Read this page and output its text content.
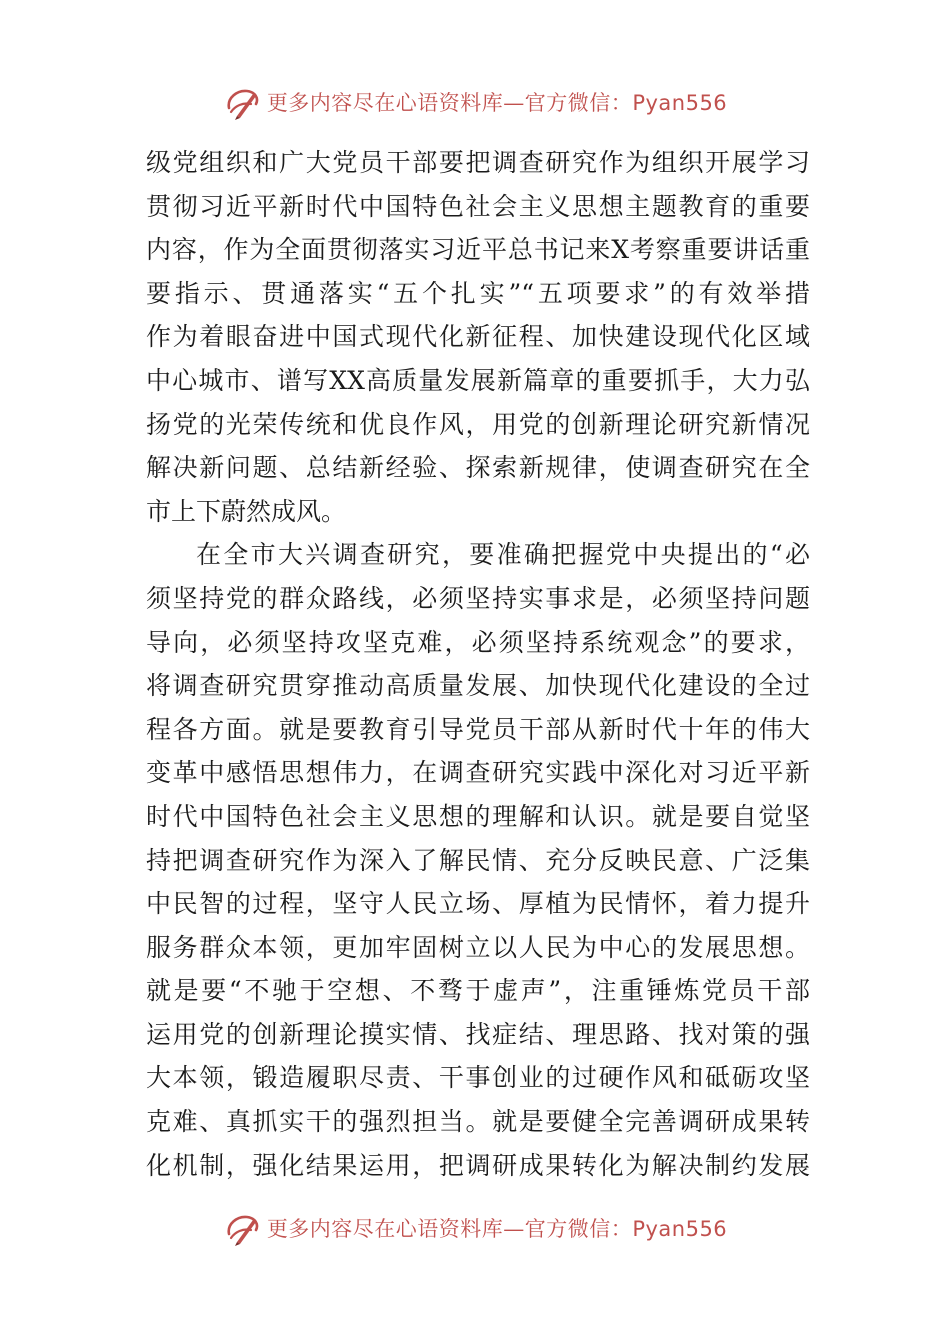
更多内容尽在心语资料库—官方微信：Pyan556
级党组织和广大党员干部要把调查研究作为组织开展学习
贯彻习近平新时代中国特色社会主义思想主题教育的重要
内容，作为全面贯彻落实习近平总书记来X考察重要讲话重
要指示、贯通落实“五个扎实”“五项要求”的有效举措
作为着眼奋进中国式现代化新征程、加快建设现代化区域
中心城市、谱写XX高质量发展新篇章的重要抓手，大力弘
扬党的光荣传统和优良作风，用党的创新理论研究新情况
解决新问题、总结新经验、探索新规律，使调查研究在全
市上下蔚然成风。
在全市大兴调查研究，要准确把握党中央提出的“必
须坚持党的群众路线，必须坚持实事求是，必须坚持问题
导向，必须坚持攻坚克难，必须坚持系统观念”的要求，
将调查研究贯穿推动高质量发展、加快现代化建设的全过
程各方面。就是要教育引导党员干部从新时代十年的伟大
变革中感悟思想伟力，在调查研究实践中深化对习近平新
时代中国特色社会主义思想的理解和认识。就是要自觉坚
持把调查研究作为深入了解民情、充分反映民意、广泛集
中民智的过程，坚守人民立场、厚植为民情怀，着力提升
服务群众本领，更加牢固树立以人民为中心的发展思想。
就是要“不驰于空想、不骛于虚声”，注重锤炼党员干部
运用党的创新理论摸实情、找症结、理思路、找对策的强
大本领，锻造履职尽责、干事创业的过硬作风和砥砺攻坚
克难、真抓实干的强烈担当。就是要健全完善调研成果转
化机制，强化结果运用，把调研成果转化为解决制约发展
更多内容尽在心语资料库—官方微信：Pyan556
